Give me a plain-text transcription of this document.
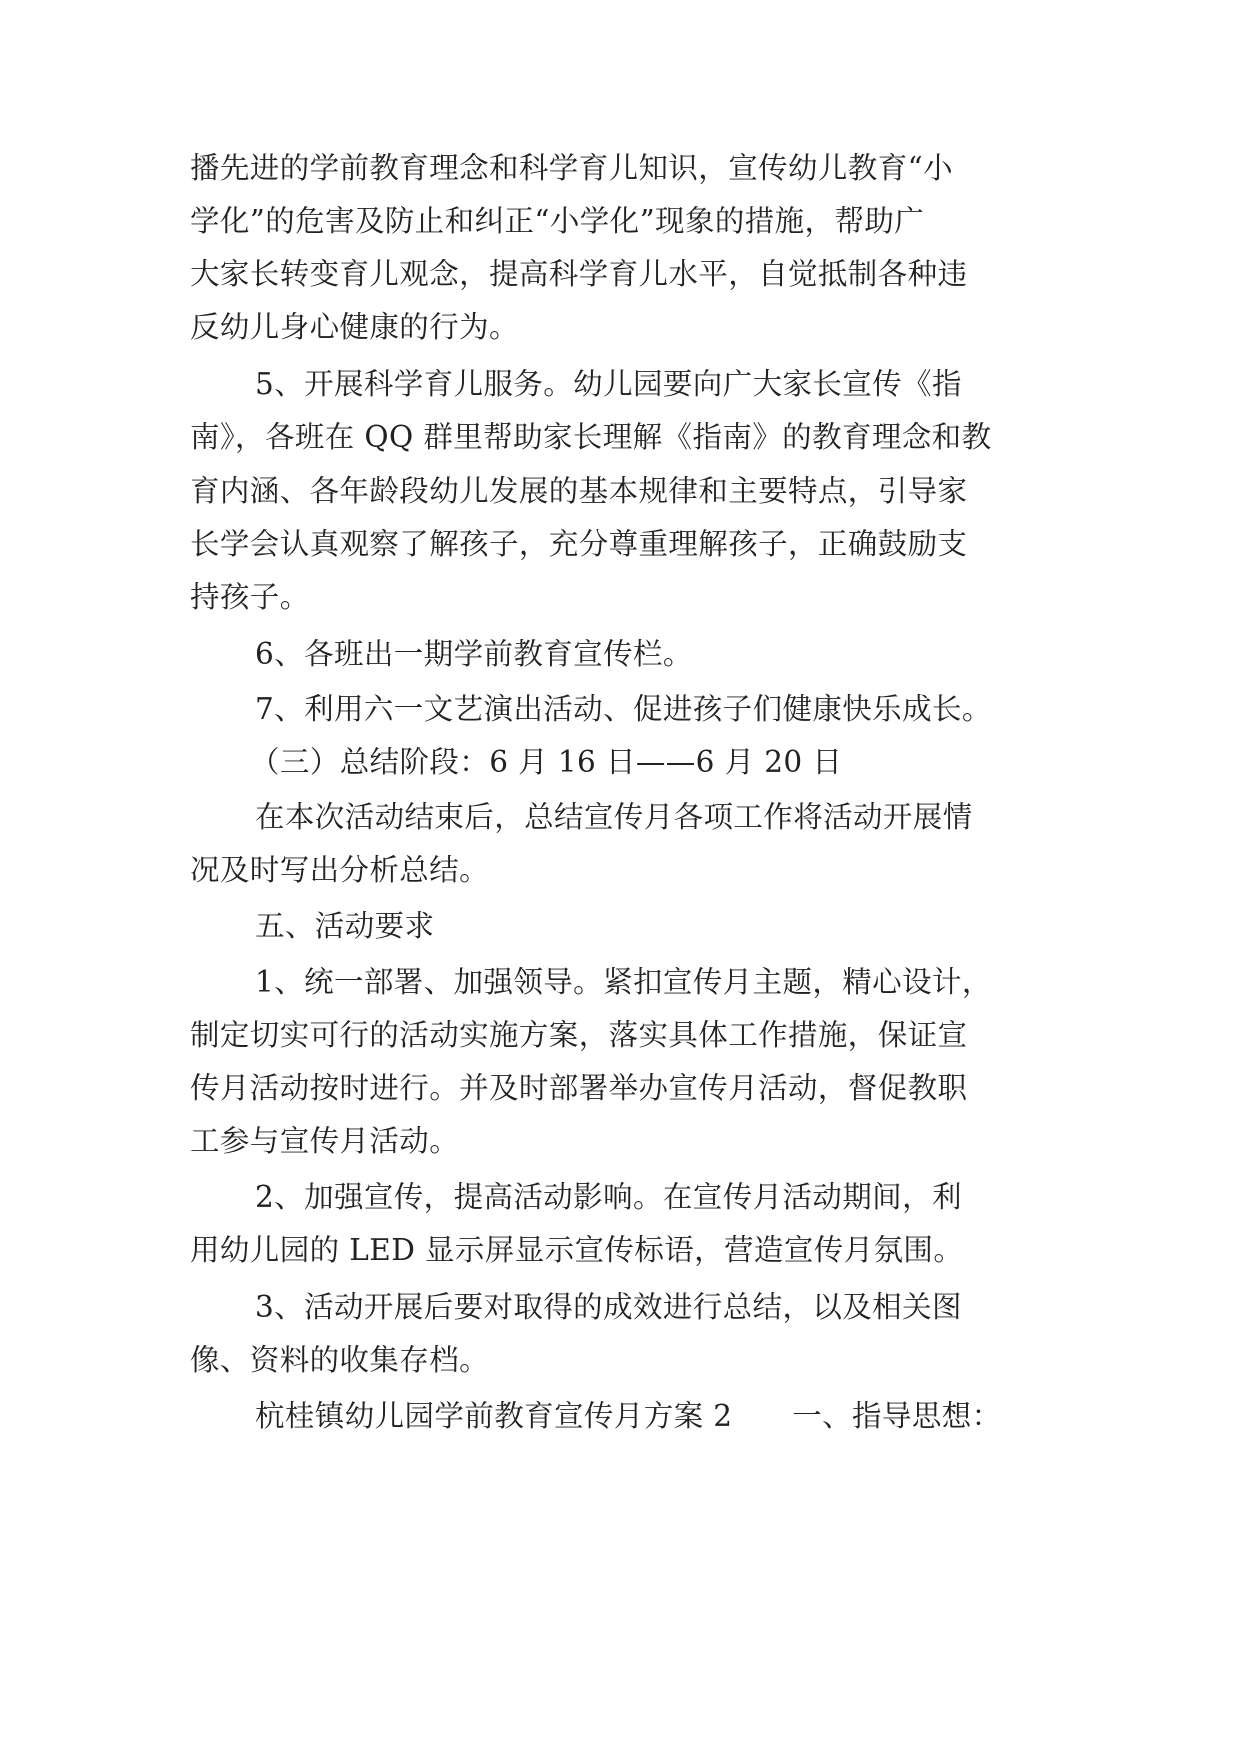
播先进的学前教育理念和科学育儿知识，宣传幼儿教育“小
学化”的危害及防止和纠正“小学化”现象的措施，帮助广
大家长转变育儿观念，提高科学育儿水平，自觉抵制各种违
反幼儿身心健康的行为。
5、开展科学育儿服务。幼儿园要向广大家长宣传《指
南》，各班在 QQ 群里帮助家长理解《指南》的教育理念和教
育内涵、各年龄段幼儿发展的基本规律和主要特点，引导家
长学会认真观察了解孩子，充分尊重理解孩子，正确鼓励支
持孩子。
6、各班出一期学前教育宣传栏。
7、利用六一文艺演出活动、促进孩子们健康快乐成长。
（三）总结阶段：6 月 16 日——6 月 20 日
在本次活动结束后，总结宣传月各项工作将活动开展情
况及时写出分析总结。
五、活动要求
1、统一部署、加强领导。紧扣宣传月主题，精心设计，
制定切实可行的活动实施方案，落实具体工作措施，保证宣
传月活动按时进行。并及时部署举办宣传月活动，督促教职
工参与宣传月活动。
2、加强宣传，提高活动影响。在宣传月活动期间，利
用幼儿园的 LED 显示屏显示宣传标语，营造宣传月氛围。
3、活动开展后要对取得的成效进行总结，以及相关图
像、资料的收集存档。
杭桂镇幼儿园学前教育宣传月方案 2　　一、指导思想：
